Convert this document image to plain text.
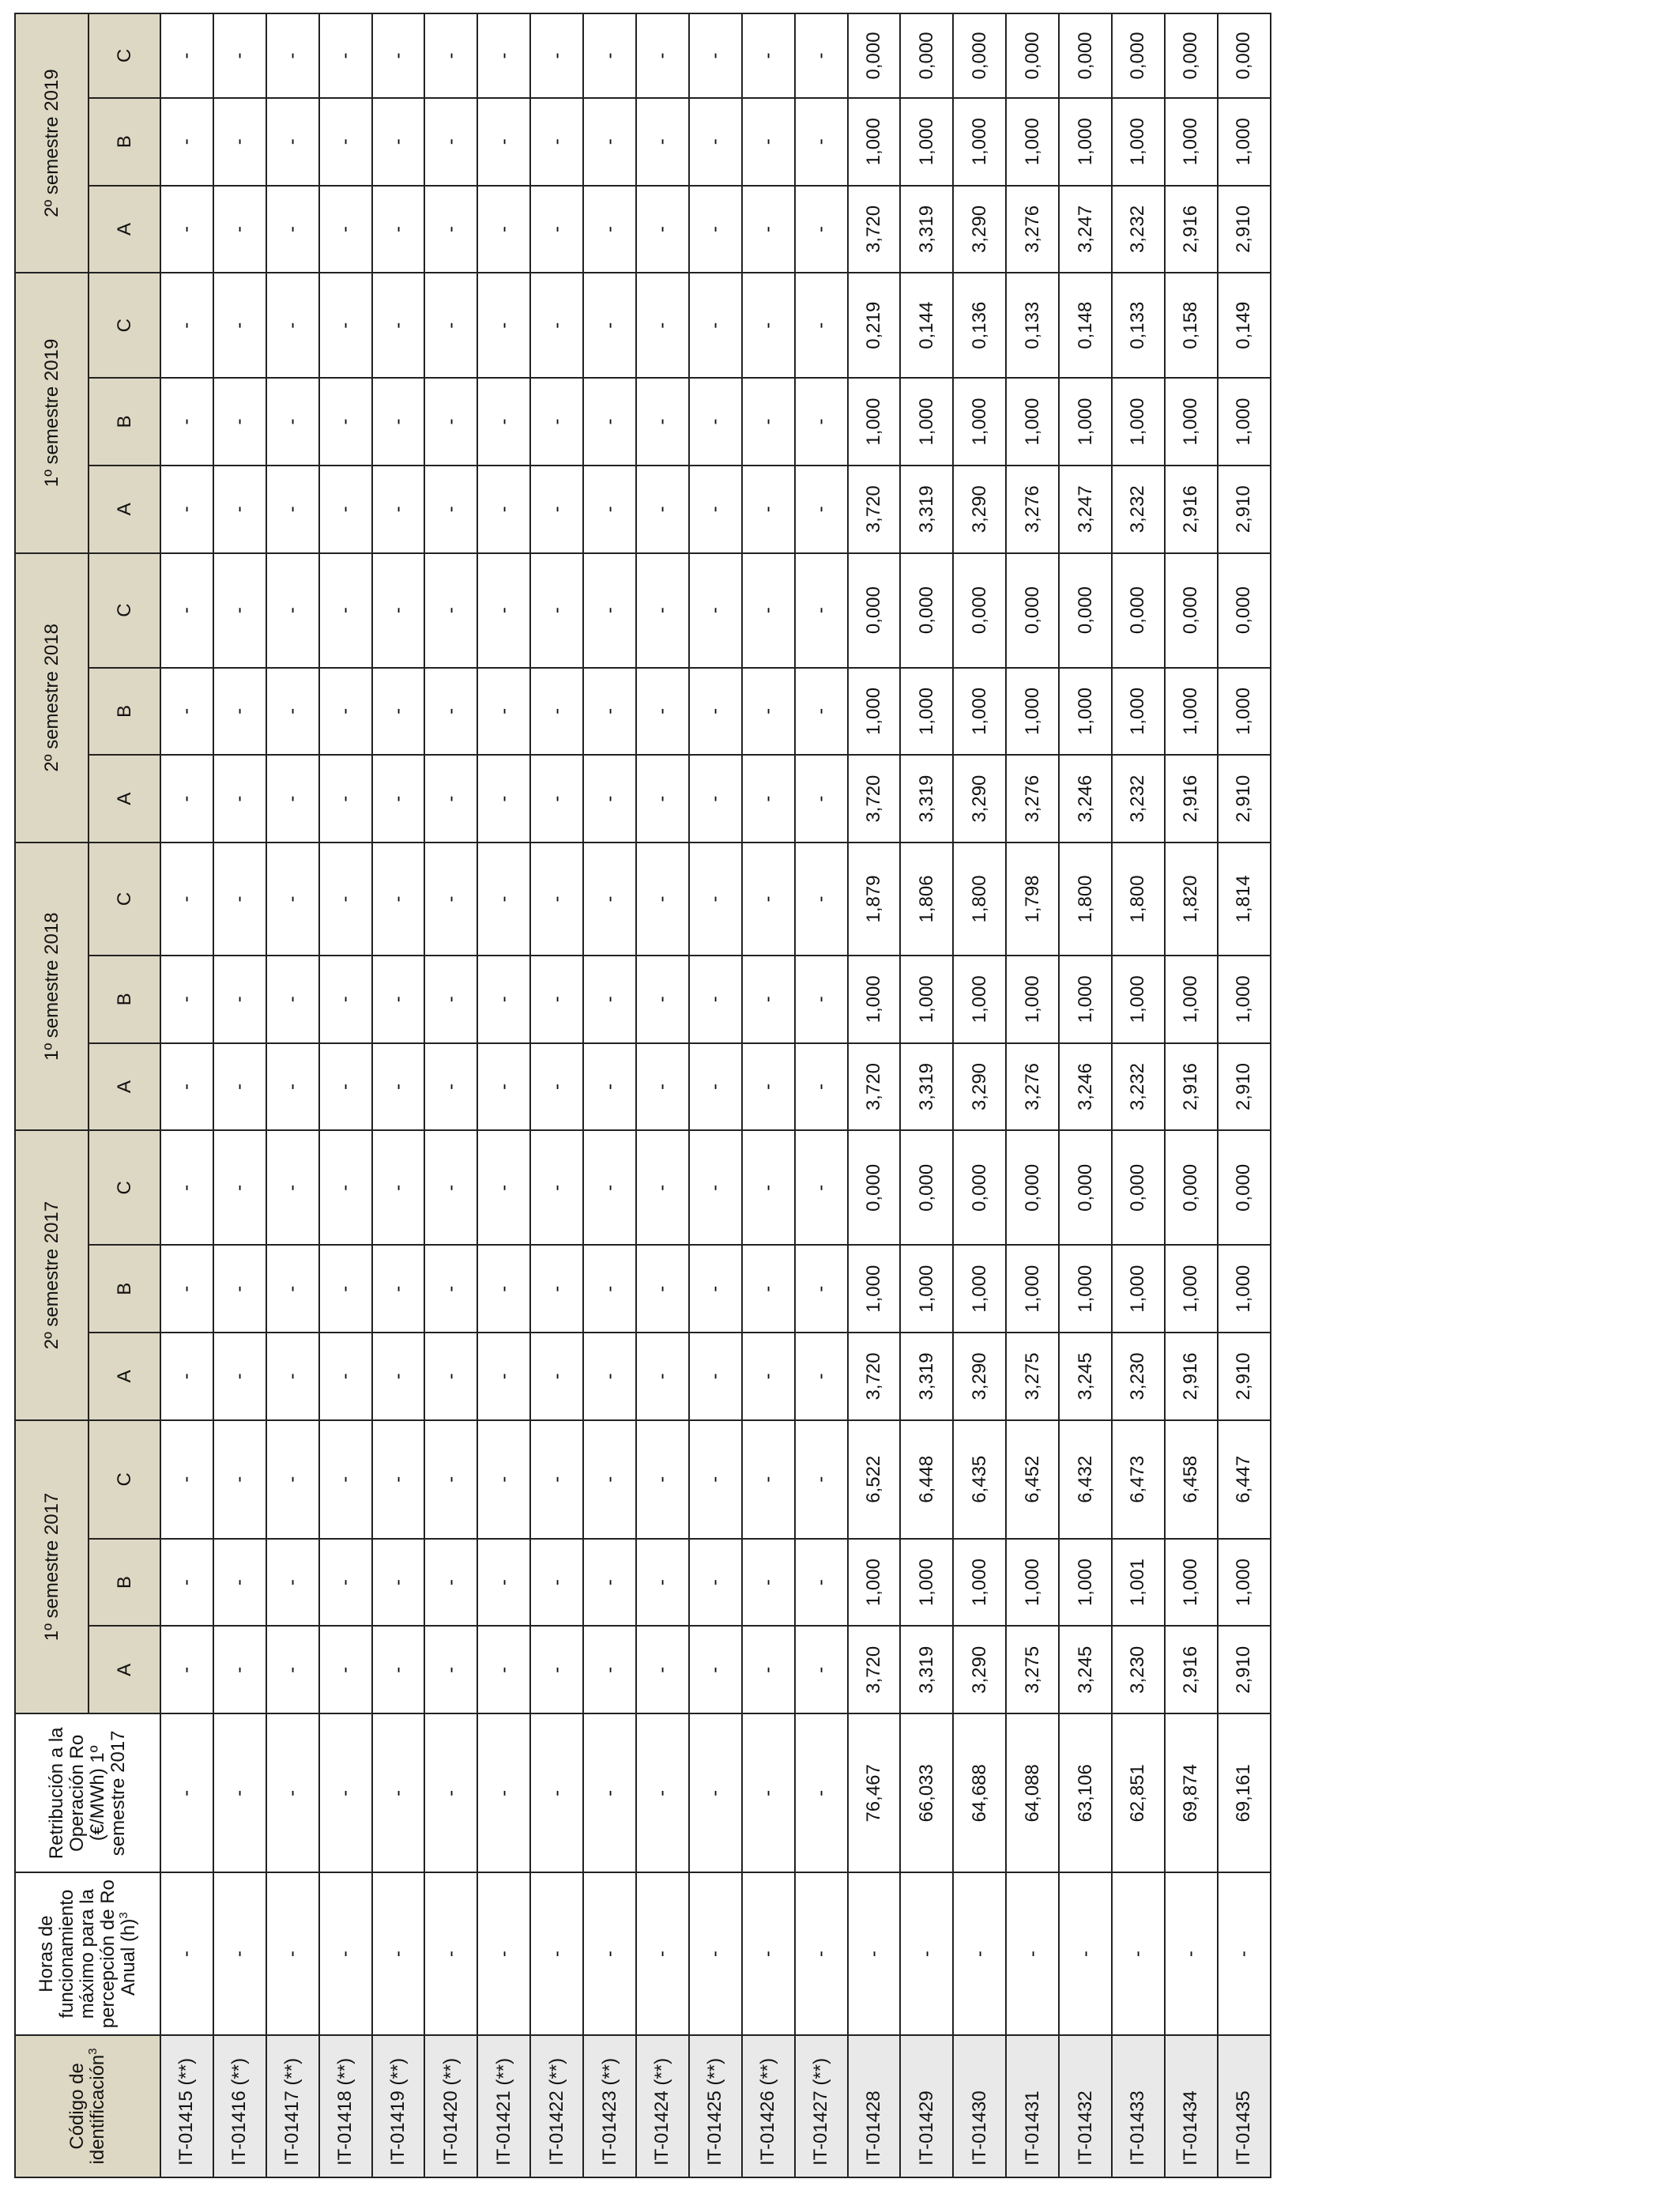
Código de identificación$^3$	Horas de funcionamiento máximo para la percepción de Ro Anual $(h)^3$	Retribución a la Operación Ro (€/MWh) 1º semestre 2017	1º semestre 2017			2º semestre 2017			1º semestre 2018			2º semestre 2018			1º semestre 2019			2º semestre 2019		
			A	B	C	A	B	C	A	B	C	A	B	C	A	B	C	A	B	C
IT-01415 (**)	-	-	-	-	-	-	-	-	-	-	-	-	-	-	-	-	-	-	-	-
IT-01416 (**)	-	-	-	-	-	-	-	-	-	-	-	-	-	-	-	-	-	-	-	-
IT-01417 (**)	-	-	-	-	-	-	-	-	-	-	-	-	-	-	-	-	-	-	-	-
IT-01418 (**)	-	-	-	-	-	-	-	-	-	-	-	-	-	-	-	-	-	-	-	-
IT-01419 (**)	-	-	-	-	-	-	-	-	-	-	-	-	-	-	-	-	-	-	-	-
IT-01420 (**)	-	-	-	-	-	-	-	-	-	-	-	-	-	-	-	-	-	-	-	-
IT-01421 (**)	-	-	-	-	-	-	-	-	-	-	-	-	-	-	-	-	-	-	-	-
IT-01422 (**)	-	-	-	-	-	-	-	-	-	-	-	-	-	-	-	-	-	-	-	-
IT-01423 (**)	-	-	-	-	-	-	-	-	-	-	-	-	-	-	-	-	-	-	-	-
IT-01424 (**)	-	-	-	-	-	-	-	-	-	-	-	-	-	-	-	-	-	-	-	-
IT-01425 (**)	-	-	-	-	-	-	-	-	-	-	-	-	-	-	-	-	-	-	-	-
IT-01426 (**)	-	-	-	-	-	-	-	-	-	-	-	-	-	-	-	-	-	-	-	-
IT-01427 (**)	-	-	-	-	-	-	-	-	-	-	-	-	-	-	-	-	-	-	-	-
IT-01428	-	76,467	3,720	1,000	6,522	3,720	1,000	0,000	3,720	1,000	1,879	3,720	1,000	0,000	3,720	1,000	0,219	3,720	1,000	0,000
IT-01429	-	66,033	3,319	1,000	6,448	3,319	1,000	0,000	3,319	1,000	1,806	3,319	1,000	0,000	3,319	1,000	0,144	3,319	1,000	0,000
IT-01430	-	64,688	3,290	1,000	6,435	3,290	1,000	0,000	3,290	1,000	1,800	3,290	1,000	0,000	3,290	1,000	0,136	3,290	1,000	0,000
IT-01431	-	64,088	3,275	1,000	6,452	3,275	1,000	0,000	3,276	1,000	1,798	3,276	1,000	0,000	3,276	1,000	0,133	3,276	1,000	0,000
IT-01432	-	63,106	3,245	1,000	6,432	3,245	1,000	0,000	3,246	1,000	1,800	3,246	1,000	0,000	3,247	1,000	0,148	3,247	1,000	0,000
IT-01433	-	62,851	3,230	1,001	6,473	3,230	1,000	0,000	3,232	1,000	1,800	3,232	1,000	0,000	3,232	1,000	0,133	3,232	1,000	0,000
IT-01434	-	69,874	2,916	1,000	6,458	2,916	1,000	0,000	2,916	1,000	1,820	2,916	1,000	0,000	2,916	1,000	0,158	2,916	1,000	0,000
IT-01435	-	69,161	2,910	1,000	6,447	2,910	1,000	0,000	2,910	1,000	1,814	2,910	1,000	0,000	2,910	1,000	0,149	2,910	1,000	0,000
